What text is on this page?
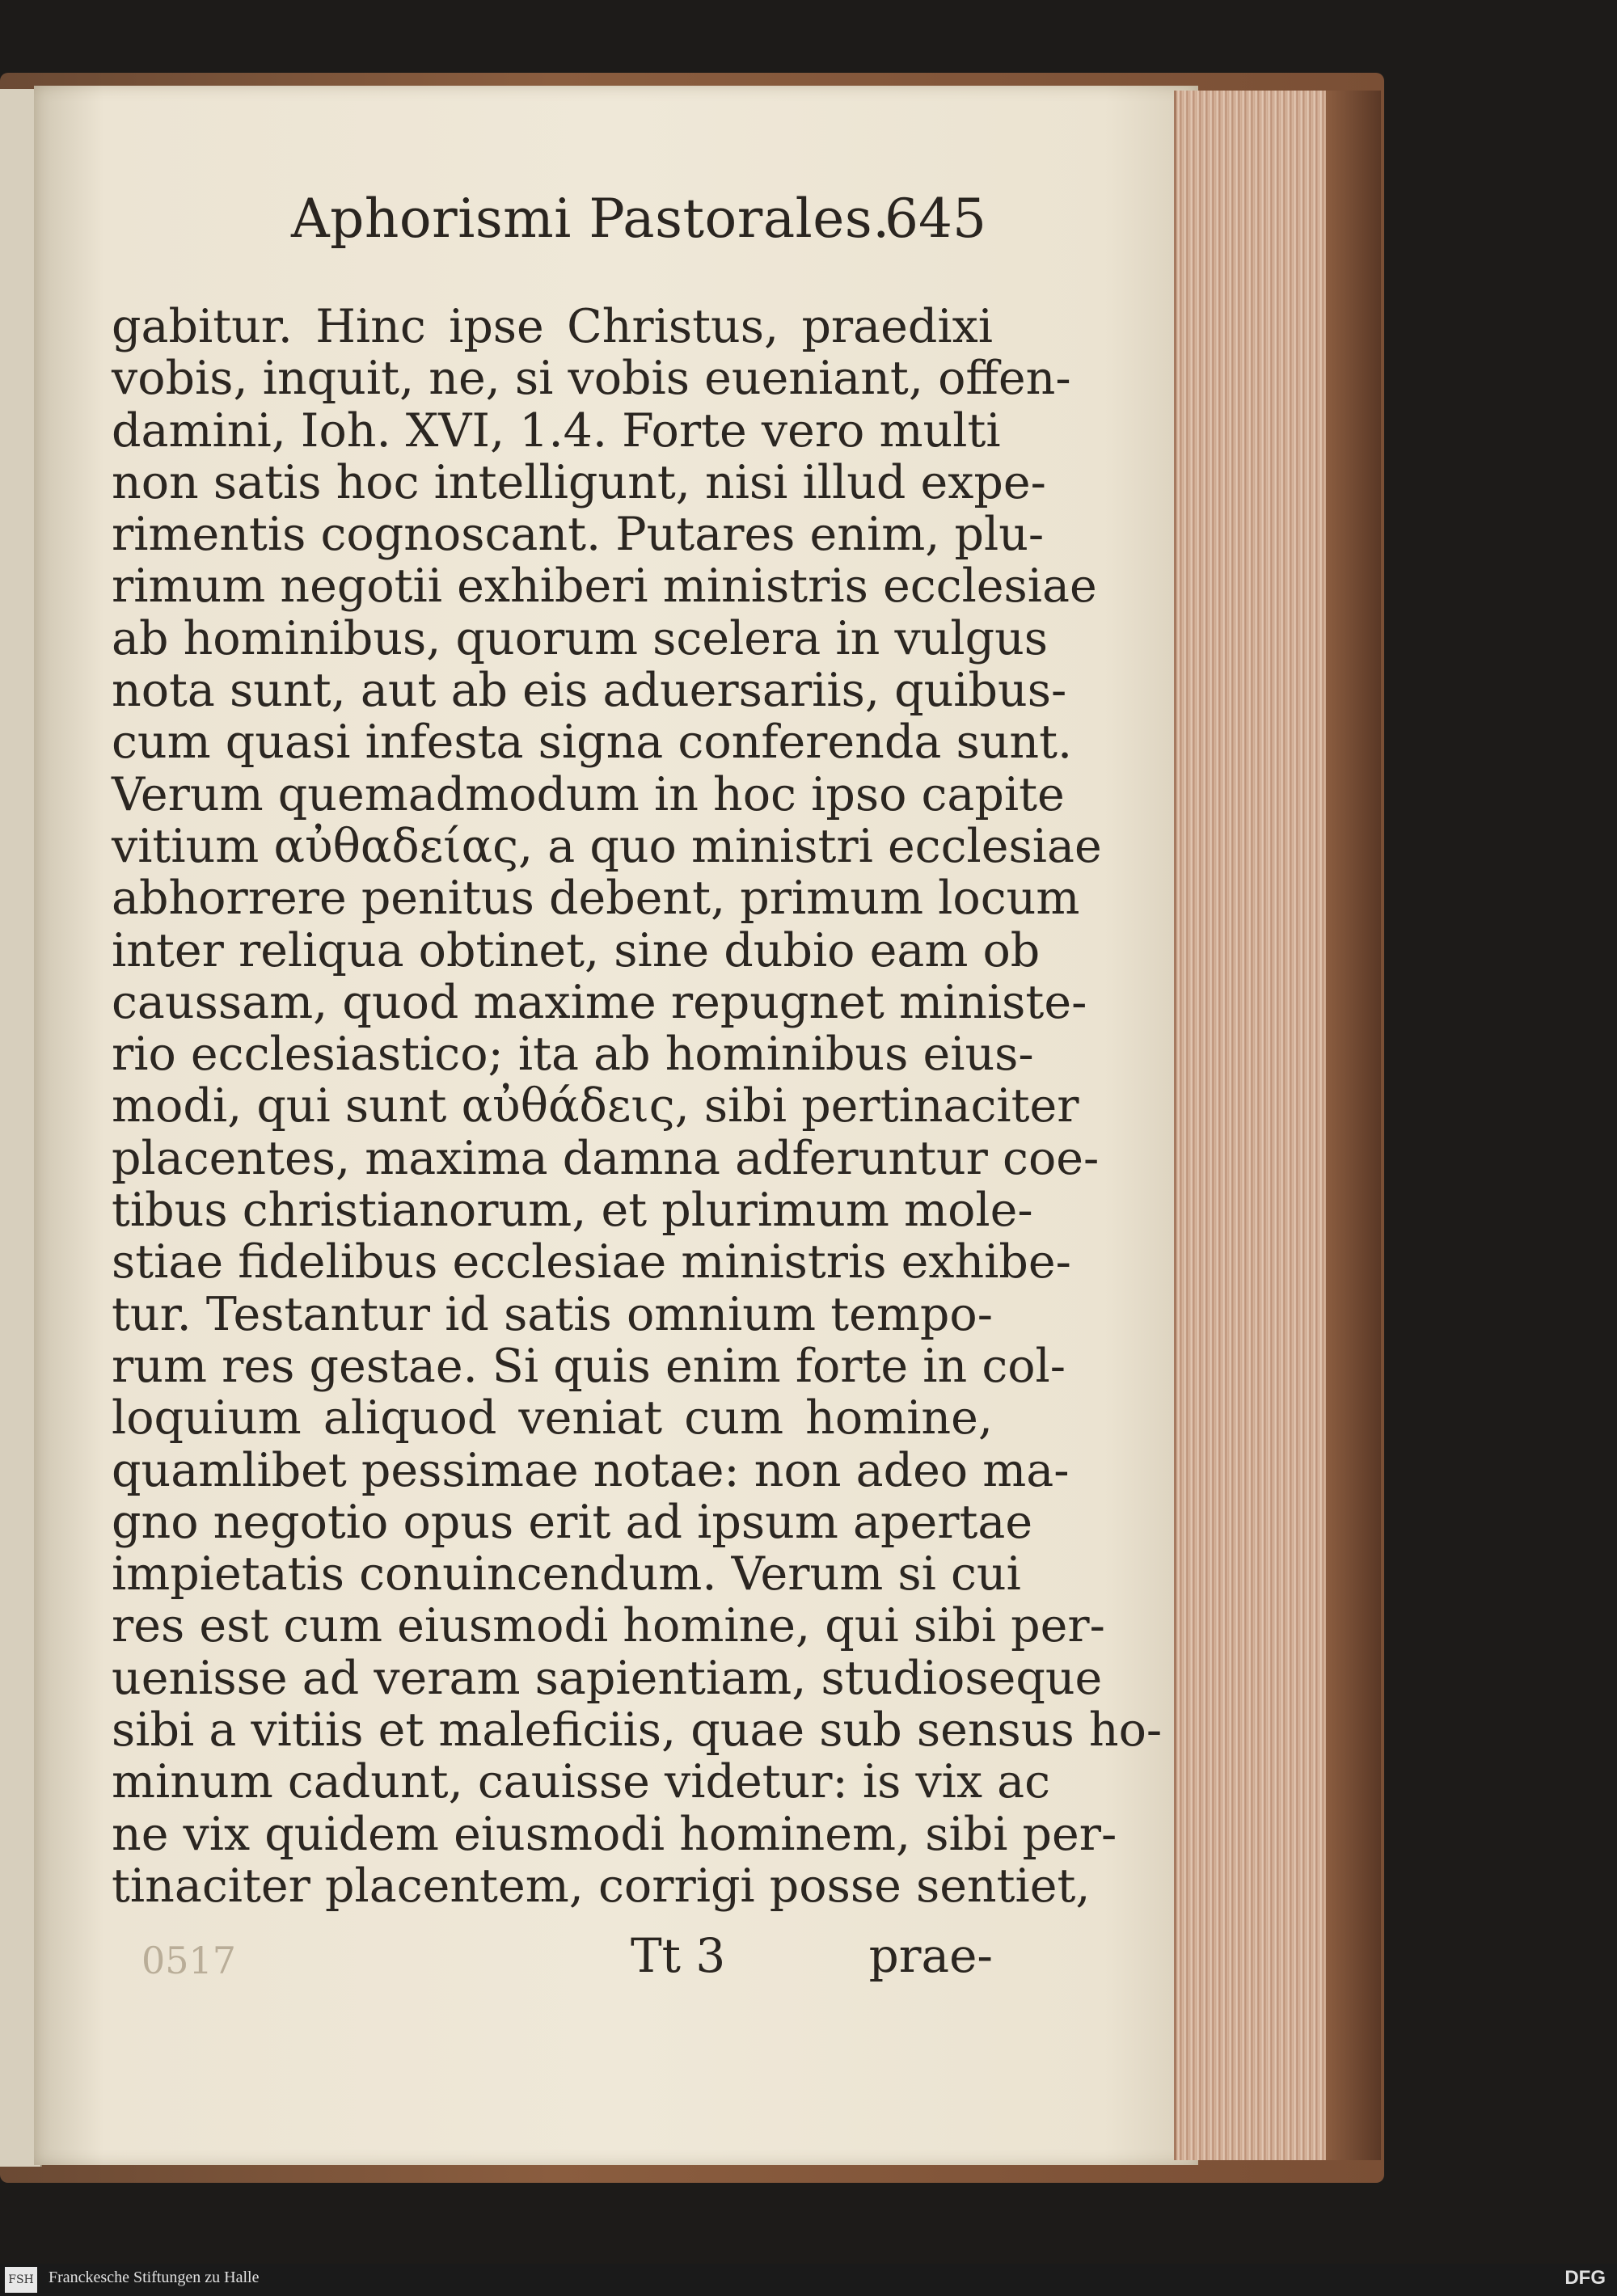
Aphorismi Pastorales.
645
gabitur. Hinc ipse Christus, praedixi
vobis, inquit, ne, si vobis eueniant, offen-
damini, Ioh. XVI, 1.4. Forte vero multi
non satis hoc intelligunt, nisi illud expe-
rimentis cognoscant. Putares enim, plu-
rimum negotii exhiberi ministris ecclesiae
ab hominibus, quorum scelera in vulgus
nota sunt, aut ab eis aduersariis, quibus-
cum quasi infesta signa conferenda sunt.
Verum quemadmodum in hoc ipso capite
vitium αὐθαδείας, a quo ministri ecclesiae
abhorrere penitus debent, primum locum
inter reliqua obtinet, sine dubio eam ob
caussam, quod maxime repugnet ministe-
rio ecclesiastico; ita ab hominibus eius-
modi, qui sunt αὐθάδεις, sibi pertinaciter
placentes, maxima damna adferuntur coe-
tibus christianorum, et plurimum mole-
stiae fidelibus ecclesiae ministris exhibe-
tur. Testantur id satis omnium tempo-
rum res gestae. Si quis enim forte in col-
loquium aliquod veniat cum homine,
quamlibet pessimae notae: non adeo ma-
gno negotio opus erit ad ipsum apertae
impietatis conuincendum. Verum si cui
res est cum eiusmodi homine, qui sibi per-
uenisse ad veram sapientiam, studioseque
sibi a vitiis et maleficiis, quae sub sensus ho-
minum cadunt, cauisse videtur: is vix ac
ne vix quidem eiusmodi hominem, sibi per-
tinaciter placentem, corrigi posse sentiet,
0517	Tt 3	prae-
FSH Franckesche Stiftungen zu Halle	DFG
